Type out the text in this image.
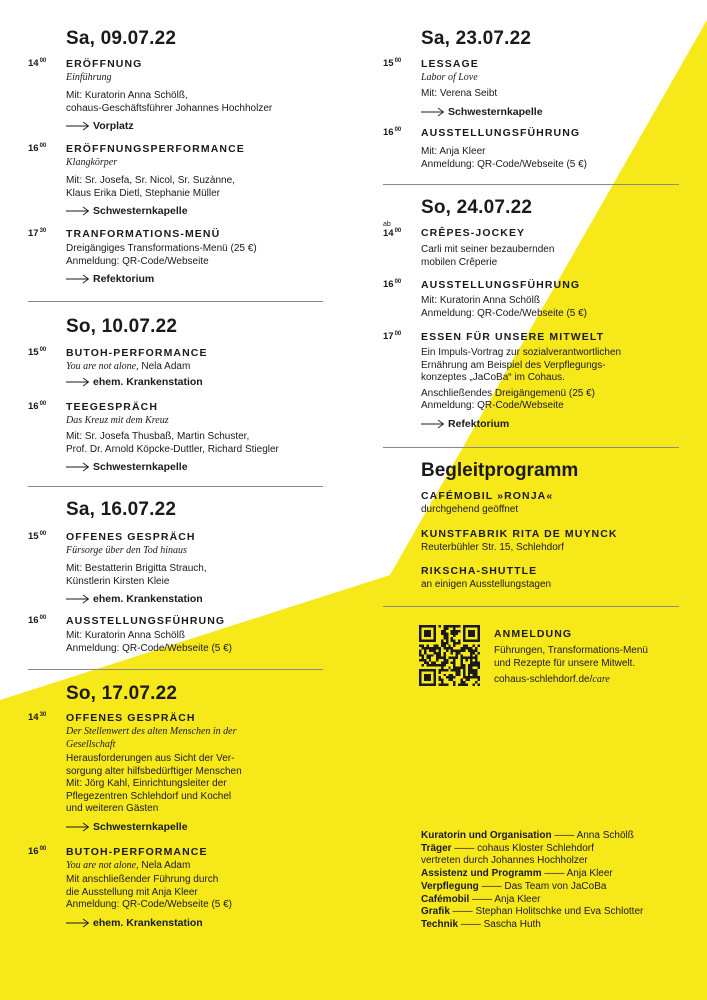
Sa, 09.07.22
$14^{00}$ ERÖFFNUNG
Einführung
Mit: Kuratorin Anna Schölß,
cohaus-Geschäftsführer Johannes Hochholzer
Vorplatz
$16^{00}$ ERÖFFNUNGSPERFORMANCE
Klangkörper
Mit: Sr. Josefa, Sr. Nicol, Sr. Suzànne,
Klaus Erika Dietl, Stephanie Müller
Schwesternkapelle
$17^{30}$ TRANFORMATIONS-MENÜ
Dreigängiges Transformations-Menü (25 €)
Anmeldung: QR-Code/Webseite
Refektorium
So, 10.07.22
$15^{00}$ BUTOH-PERFORMANCE
You are not alone, Nela Adam
ehem. Krankenstation
$16^{00}$ TEEGESPRÄCH
Das Kreuz mit dem Kreuz
Mit: Sr. Josefa Thusbaß, Martin Schuster,
Prof. Dr. Arnold Köpcke-Duttler, Richard Stiegler
Schwesternkapelle
Sa, 16.07.22
$15^{00}$ OFFENES GESPRÄCH
Fürsorge über den Tod hinaus
Mit: Bestatterin Brigitta Strauch,
Künstlerin Kirsten Kleie
ehem. Krankenstation
$16^{00}$ AUSSTELLUNGSFÜHRUNG
Mit: Kuratorin Anna Schölß
Anmeldung: QR-Code/Webseite (5 €)
So, 17.07.22
$14^{30}$ OFFENES GESPRÄCH
Der Stellenwert des alten Menschen in der Gesellschaft
Herausforderungen aus Sicht der Ver-
sorgung alter hilfsbedürftiger Menschen
Mit: Jörg Kahl, Einrichtungsleiter der
Pflegezentren Schlehdorf und Kochel
und weiteren Gästen
Schwesternkapelle
$16^{00}$ BUTOH-PERFORMANCE
You are not alone, Nela Adam
Mit anschließender Führung durch
die Ausstellung mit Anja Kleer
Anmeldung: QR-Code/Webseite (5 €)
ehem. Krankenstation
Sa, 23.07.22
$15^{00}$ LESSAGE
Labor of Love
Mit: Verena Seibt
Schwesternkapelle
$16^{00}$ AUSSTELLUNGSFÜHRUNG
Mit: Anja Kleer
Anmeldung: QR-Code/Webseite (5 €)
So, 24.07.22
ab
$14^{00}$ CRÊPES-JOCKEY
Carli mit seiner bezaubernden
mobilen Crêperie
$16^{00}$ AUSSTELLUNGSFÜHRUNG
Mit: Kuratorin Anna Schölß
Anmeldung: QR-Code/Webseite (5 €)
$17^{00}$ ESSEN FÜR UNSERE MITWELT
Ein Impuls-Vortrag zur sozialverantwortlichen
Ernährung am Beispiel des Verpflegungs-
konzeptes „JaCoBa“ im Cohaus.
Anschließendes Dreigängemenü (25 €)
Anmeldung: QR-Code/Webseite
Refektorium
Begleitprogramm
CAFÉMOBIL »RONJA«
durchgehend geöffnet
KUNSTFABRIK RITA DE MUYNCK
Reuterbühler Str. 15, Schlehdorf
RIKSCHA-SHUTTLE
an einigen Ausstellungstagen
ANMELDUNG
Führungen, Transformations-Menü
und Rezepte für unsere Mitwelt.
cohaus-schlehdorf.de/care
Kuratorin und Organisation —— Anna Schölß
Träger —— cohaus Kloster Schlehdorf
vertreten durch Johannes Hochholzer
Assistenz und Programm —— Anja Kleer
Verpflegung —— Das Team von JaCoBa
Cafémobil —— Anja Kleer
Grafik —— Stephan Holitschke und Eva Schlotter
Technik —— Sascha Huth
